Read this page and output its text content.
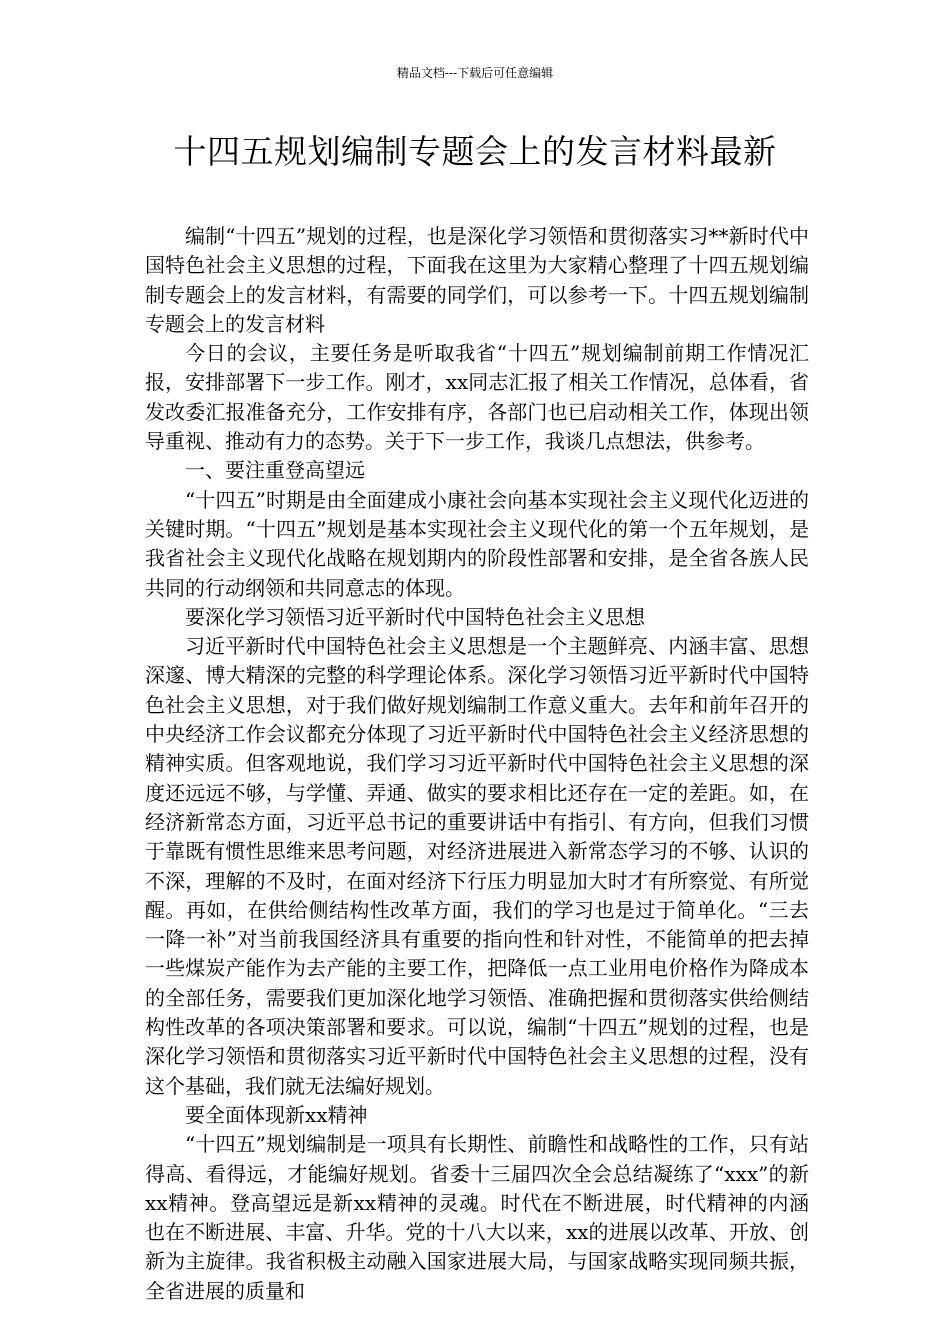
精品文档---下载后可任意编辑
十四五规划编制专题会上的发言材料最新

编制“十四五”规划的过程，也是深化学习领悟和贯彻落实习**新时代中国特色社会主义思想的过程，下面我在这里为大家精心整理了十四五规划编制专题会上的发言材料，有需要的同学们，可以参考一下。十四五规划编制专题会上的发言材料

今日的会议，主要任务是听取我省“十四五”规划编制前期工作情况汇报，安排部署下一步工作。刚才，xx同志汇报了相关工作情况，总体看，省发改委汇报准备充分，工作安排有序，各部门也已启动相关工作，体现出领导重视、推动有力的态势。关于下一步工作，我谈几点想法，供参考。

一、要注重登高望远

“十四五”时期是由全面建成小康社会向基本实现社会主义现代化迈进的关键时期。“十四五”规划是基本实现社会主义现代化的第一个五年规划，是我省社会主义现代化战略在规划期内的阶段性部署和安排，是全省各族人民共同的行动纲领和共同意志的体现。

要深化学习领悟习近平新时代中国特色社会主义思想

习近平新时代中国特色社会主义思想是一个主题鲜亮、内涵丰富、思想深邃、博大精深的完整的科学理论体系。深化学习领悟习近平新时代中国特色社会主义思想，对于我们做好规划编制工作意义重大。去年和前年召开的中央经济工作会议都充分体现了习近平新时代中国特色社会主义经济思想的精神实质。但客观地说，我们学习习近平新时代中国特色社会主义思想的深度还远远不够，与学懂、弄通、做实的要求相比还存在一定的差距。如，在经济新常态方面，习近平总书记的重要讲话中有指引、有方向，但我们习惯于靠既有惯性思维来思考问题，对经济进展进入新常态学习的不够、认识的不深，理解的不及时，在面对经济下行压力明显加大时才有所察觉、有所觉醒。再如，在供给侧结构性改革方面，我们的学习也是过于简单化。“三去一降一补”对当前我国经济具有重要的指向性和针对性，不能简单的把去掉一些煤炭产能作为去产能的主要工作，把降低一点工业用电价格作为降成本的全部任务，需要我们更加深化地学习领悟、准确把握和贯彻落实供给侧结构性改革的各项决策部署和要求。可以说，编制“十四五”规划的过程，也是深化学习领悟和贯彻落实习近平新时代中国特色社会主义思想的过程，没有这个基础，我们就无法编好规划。

要全面体现新xx精神

“十四五”规划编制是一项具有长期性、前瞻性和战略性的工作，只有站得高、看得远，才能编好规划。省委十三届四次全会总结凝练了“xxx”的新xx精神。登高望远是新xx精神的灵魂。时代在不断进展，时代精神的内涵也在不断进展、丰富、升华。党的十八大以来，xx的进展以改革、开放、创新为主旋律。我省积极主动融入国家进展大局，与国家战略实现同频共振，全省进展的质量和
